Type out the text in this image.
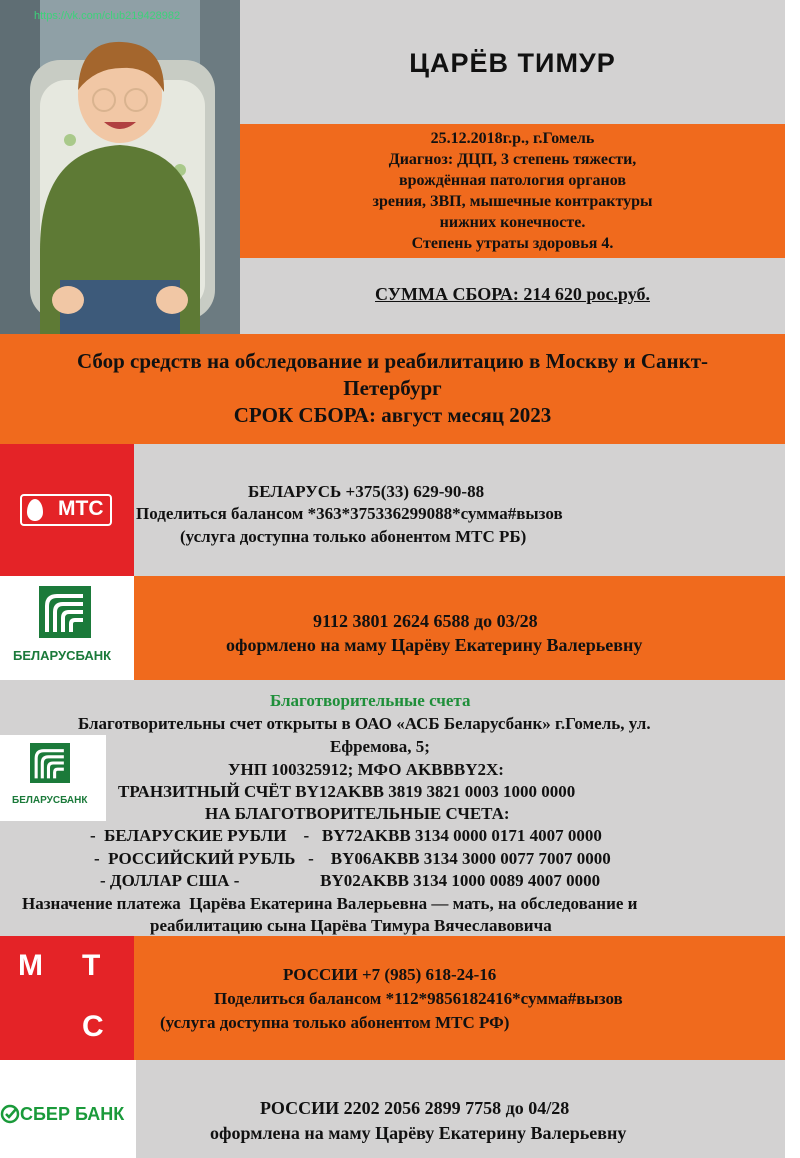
https://vk.com/club219428982
ЦАРЁВ ТИМУР
25.12.2018г.р., г.Гомель
Диагноз: ДЦП, 3 степень тяжести,
врождённая патология органов
зрения, ЗВП, мышечные контрактуры
нижних конечносте.
Степень утраты здоровья 4.
СУММА СБОРА: 214 620 рос.руб.
Сбор средств на обследование и реабилитацию в Москву и Санкт-
Петербург
СРОК СБОРА: август месяц 2023
МТС
БЕЛАРУСЬ +375(33) 629-90-88
Поделиться балансом *363*375336299088*сумма#вызов
(услуга доступна только абонентом МТС РБ)
БЕЛАРУСБАНК
9112 3801 2624 6588 до 03/28
оформлено на маму Царёву Екатерину Валерьевну
БЕЛАРУСБАНК
Благотворительные счета
Благотворительны счет открыты в ОАО «АСБ Беларусбанк» г.Гомель, ул.
Ефремова, 5;
УНП 100325912; МФО AKBBBY2X:
ТРАНЗИТНЫЙ СЧЁТ BY12AKBB 3819 3821 0003 1000 0000
НА БЛАГОТВОРИТЕЛЬНЫЕ СЧЕТА:
-  БЕЛАРУСКИЕ РУБЛИ    -   BY72AKBB 3134 0000 0171 4007 0000
-  РОССИЙСКИЙ РУБЛЬ   -    BY06AKBB 3134 3000 0077 7007 0000
- ДОЛЛАР США -                   BY02AKBB 3134 1000 0089 4007 0000
Назначение платежа  Царёва Екатерина Валерьевна — мать, на обследование и
реабилитацию сына Царёва Тимура Вячеславовича
М Т
С
РОССИИ +7 (985) 618-24-16
Поделиться балансом *112*9856182416*сумма#вызов
(услуга доступна только абонентом МТС РФ)
СБЕР БАНК	РОССИИ 2202 2056 2899 7758 до 04/28
оформлена на маму Царёву Екатерину Валерьевну
